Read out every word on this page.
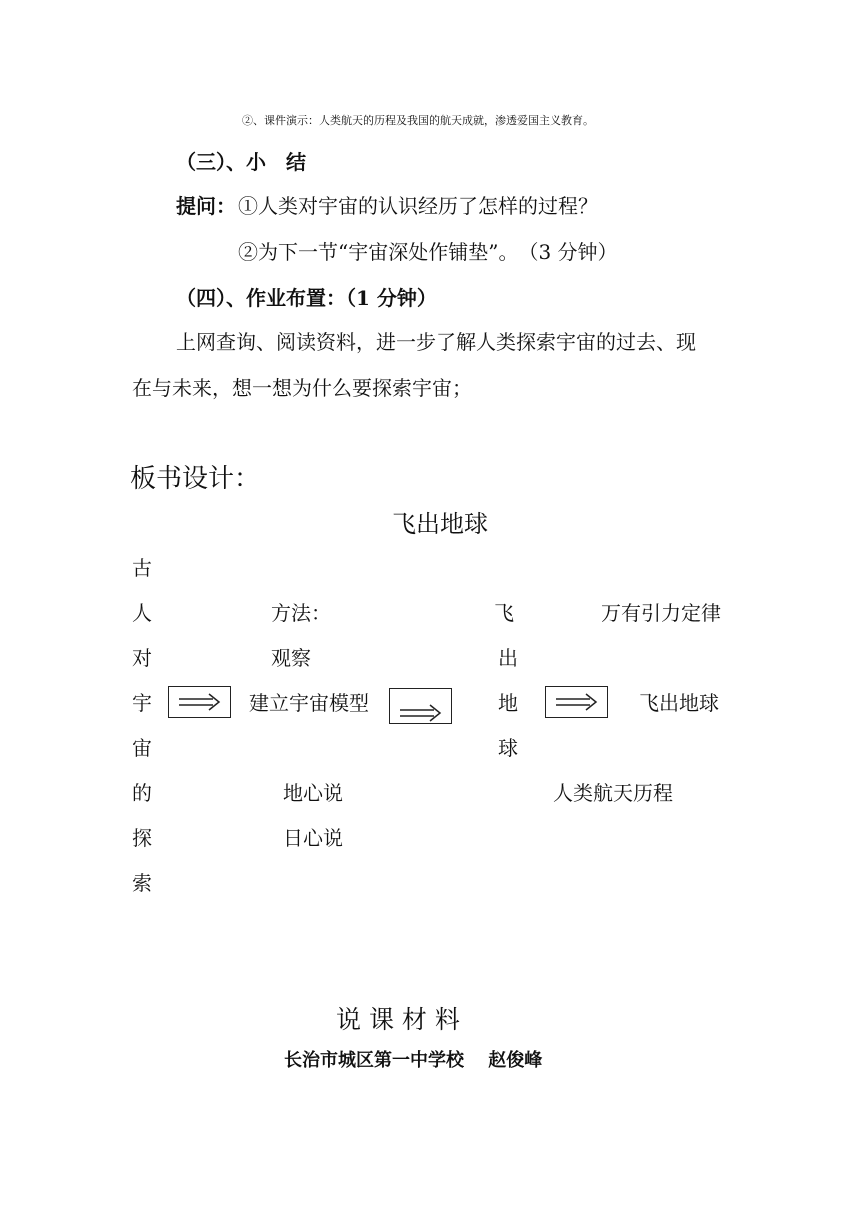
②、课件演示：人类航天的历程及我国的航天成就，渗透爱国主义教育。
（三）、小　结
提问： ①人类对宇宙的认识经历了怎样的过程？
②为下一节“宇宙深处作铺垫”。　（3 分钟）
（四）、作业布置：（1 分钟）
上网查询、阅读资料，进一步了解人类探索宇宙的过去、现
在与未来，想一想为什么要探索宇宙；
板书设计：
飞出地球
古
人
对
宇
宙
的
探
索
方法：
观察
建立宇宙模型
地心说
日心说
飞
出
地
球
万有引力定律
飞出地球
人类航天历程
说 课 材 料
长治市城区第一中学校　 赵俊峰
